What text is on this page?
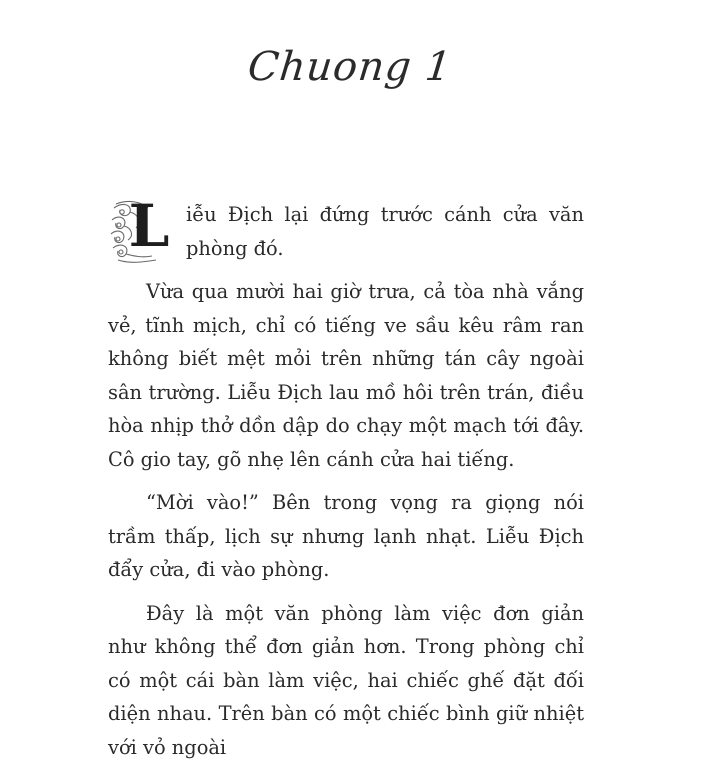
Chuong 1

L iễu Địch lại đứng trước cánh cửa văn phòng đó.

Vừa qua mười hai giờ trưa, cả tòa nhà vắng vẻ, tĩnh mịch, chỉ có tiếng ve sầu kêu râm ran không biết mệt mỏi trên những tán cây ngoài sân trường. Liễu Địch lau mồ hôi trên trán, điều hòa nhịp thở dồn dập do chạy một mạch tới đây. Cô gio tay, gõ nhẹ lên cánh cửa hai tiếng.

“Mời vào!” Bên trong vọng ra giọng nói trầm thấp, lịch sự nhưng lạnh nhạt. Liễu Địch đẩy cửa, đi vào phòng.

Đây là một văn phòng làm việc đơn giản như không thể đơn giản hơn. Trong phòng chỉ có một cái bàn làm việc, hai chiếc ghế đặt đối diện nhau. Trên bàn có một chiếc bình giữ nhiệt với vỏ ngoài
